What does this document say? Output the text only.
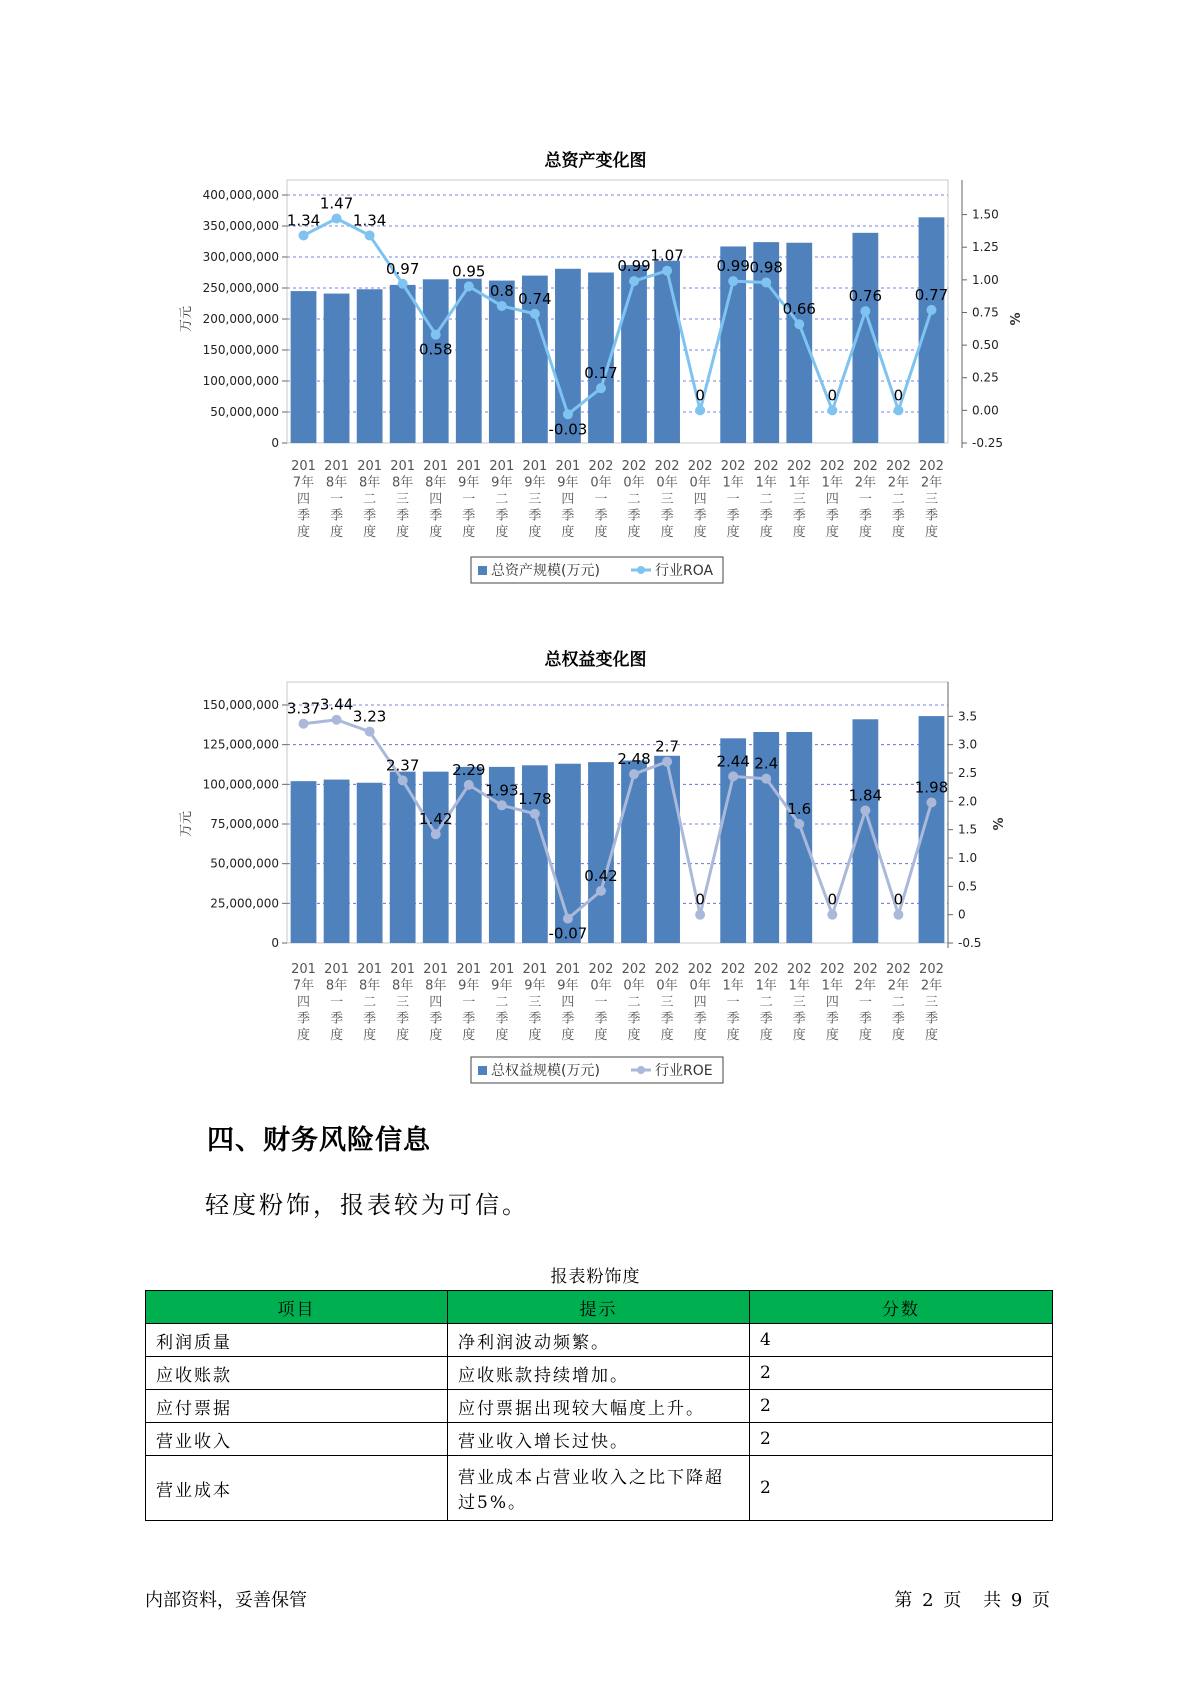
总资产变化图
0
50,000,000
100,000,000
150,000,000
200,000,000
250,000,000
300,000,000
350,000,000
400,000,000
-0.25
0.00
0.25
0.50
0.75
1.00
1.25
1.50
万元	%
1.34
1.47
1.34
0.97
0.58
0.95
0.8 0.74
-0.03
0.17
0.99
1.07
0
0.99 0.98
0.66
0
0.76
0
0.77
201 7年四季度
201 8年一季度
201 8年二季度
201 8年三季度
201 8年四季度
201 9年一季度
201 9年二季度
201 9年三季度
201 9年四季度
202 0年一季度
202 0年二季度
202 0年三季度
202 0年四季度
202 1年一季度
202 1年二季度
202 1年三季度
202 1年四季度
202 2年一季度
202 2年二季度
202 2年三季度
总资产规模(万元)	行业ROA
总权益变化图
0
25,000,000
50,000,000
75,000,000
100,000,000
125,000,000
150,000,000
-0.5
0
0.5
1.0
1.5
2.0
2.5
3.0
3.5
万元	%
3.37 3.44
3.23
2.37
1.42
2.29
1.93 1.78
-0.07
0.42
2.48
2.7
0
2.44 2.4
1.6
0
1.84
0
1.98
201 7年四季度
201 8年一季度
201 8年二季度
201 8年三季度
201 8年四季度
201 9年一季度
201 9年二季度
201 9年三季度
201 9年四季度
202 0年一季度
202 0年二季度
202 0年三季度
202 0年四季度
202 1年一季度
202 1年二季度
202 1年三季度
202 1年四季度
202 2年一季度
202 2年二季度
202 2年三季度
总权益规模(万元)	行业ROE
四、财务风险信息
轻度粉饰，报表较为可信。
报表粉饰度
项目	提示	分数
利润质量	净利润波动频繁。	4
应收账款	应收账款持续增加。	2
应付票据	应付票据出现较大幅度上升。	2
营业收入	营业收入增长过快。	2
营业成本	营业成本占营业收入之比下降超过5%。	2
内部资料，妥善保管	第 2 页 共 9 页
